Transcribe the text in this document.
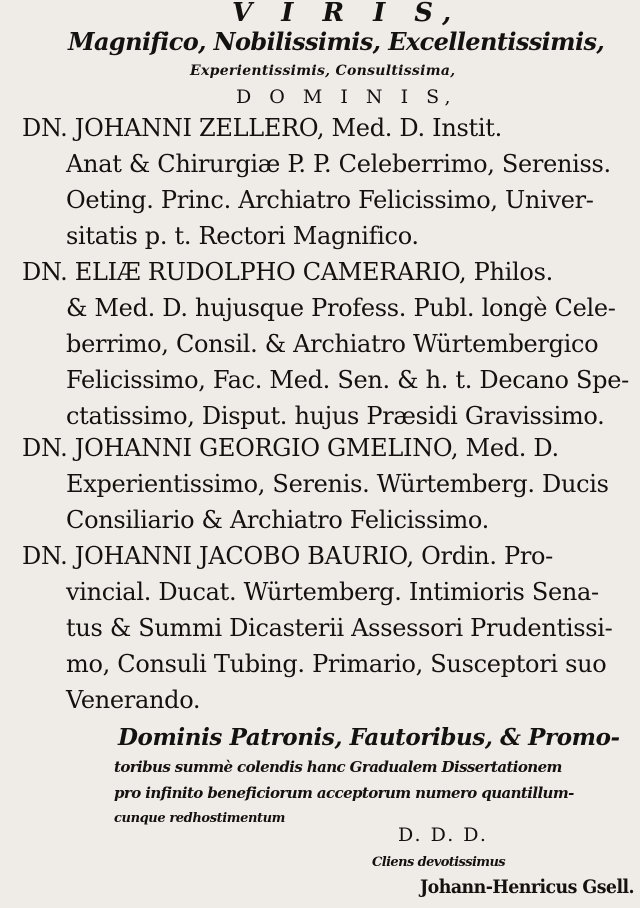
V I R I S,
Magnifico, Nobilissimis, Excellentissimis,
Experientissimis, Consultissima,
D O M I N I S,
DN. JOHANNI ZELLERO, Med. D. Instit.
Anat & Chirurgiæ P. P. Celeberrimo, Sereniss.
Oeting. Princ. Archiatro Felicissimo, Univer-
sitatis p. t. Rectori Magnifico.
DN. ELIÆ RUDOLPHO CAMERARIO, Philos.
& Med. D. hujusque Profess. Publ. longè Cele-
berrimo, Consil. & Archiatro Würtembergico
Felicissimo, Fac. Med. Sen. & h. t. Decano Spe-
ctatissimo, Disput. hujus Præsidi Gravissimo.
DN. JOHANNI GEORGIO GMELINO, Med. D.
Experientissimo, Serenis. Würtemberg. Ducis
Consiliario & Archiatro Felicissimo.
DN. JOHANNI JACOBO BAURIO, Ordin. Pro-
vincial. Ducat. Würtemberg. Intimioris Sena-
tus & Summi Dicasterii Assessori Prudentissi-
mo, Consuli Tubing. Primario, Susceptori suo
Venerando.
Dominis Patronis, Fautoribus, & Promo-
toribus summè colendis hanc Gradualem Dissertationem
pro infinito beneficiorum acceptorum numero quantillum-
cunque redhostimentum
D. D. D.
Cliens devotissimus
Johann-Henricus Gsell.
